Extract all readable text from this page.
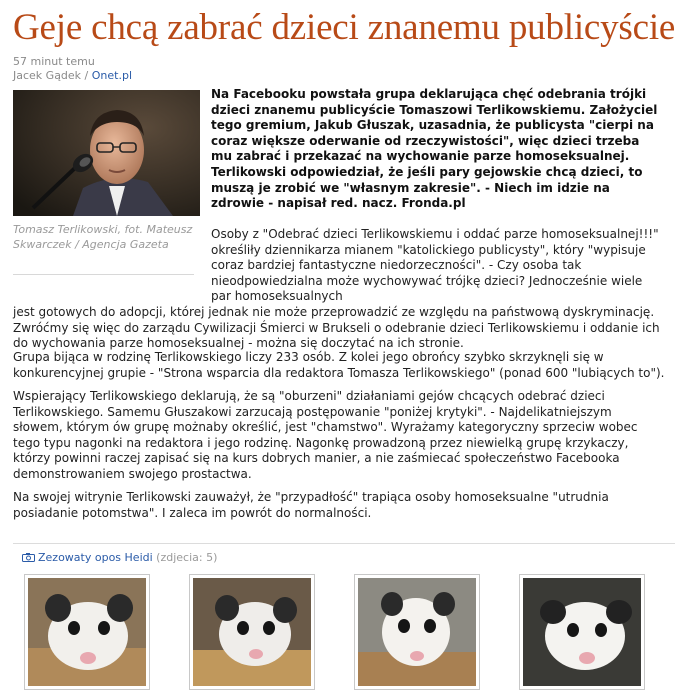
Geje chcą zabrać dzieci znanemu publicyście
57 minut temu
Jacek Gądek / Onet.pl
Tomasz Terlikowski, fot. Mateusz Skwarczek / Agencja Gazeta

Na Facebooku powstała grupa deklarująca chęć odebrania trójki dzieci znanemu publicyście Tomaszowi Terlikowskiemu. Założyciel tego gremium, Jakub Głuszak, uzasadnia, że publicysta "cierpi na coraz większe oderwanie od rzeczywistości", więc dzieci trzeba mu zabrać i przekazać na wychowanie parze homoseksualnej. Terlikowski odpowiedział, że jeśli pary gejowskie chcą dzieci, to muszą je zrobić we "własnym zakresie". - Niech im idzie na zdrowie - napisał red. nacz. Fronda.pl

Osoby z "Odebrać dzieci Terlikowskiemu i oddać parze homoseksualnej!!!" określiły dziennikarza mianem "katolickiego publicysty", który "wypisuje coraz bardziej fantastyczne niedorzeczności". - Czy osoba tak nieodpowiedzialna może wychowywać trójkę dzieci? Jednocześnie wiele par homoseksualnych
jest gotowych do adopcji, której jednak nie może przeprowadzić ze względu na państwową dyskryminację. Zwróćmy się więc do zarządu Cywilizacji Śmierci w Brukseli o odebranie dzieci Terlikowskiemu i oddanie ich do wychowania parze homoseksualnej - można się doczytać na ich stronie.

Grupa bijąca w rodzinę Terlikowskiego liczy 233 osób. Z kolei jego obrońcy szybko skrzyknęli się w konkurencyjnej grupie - "Strona wsparcia dla redaktora Tomasza Terlikowskiego" (ponad 600 "lubiących to").

Wspierający Terlikowskiego deklarują, że są "oburzeni" działaniami gejów chcących odebrać dzieci Terlikowskiego. Samemu Głuszakowi zarzucają postępowanie "poniżej krytyki". - Najdelikatniejszym słowem, którym ów grupę możnaby określić, jest "chamstwo". Wyrażamy kategoryczny sprzeciw wobec tego typu nagonki na redaktora i jego rodzinę. Nagonkę prowadzoną przez niewielką grupę krzykaczy, którzy powinni raczej zapisać się na kurs dobrych manier, a nie zaśmiecać społeczeństwo Facebooka demonstrowaniem swojego prostactwa.

Na swojej witrynie Terlikowski zauważył, że "przypadłość" trapiąca osoby homoseksualne "utrudnia posiadanie potomstwa". I zaleca im powrót do normalności.

Zezowaty opos Heidi (zdjecia: 5)
